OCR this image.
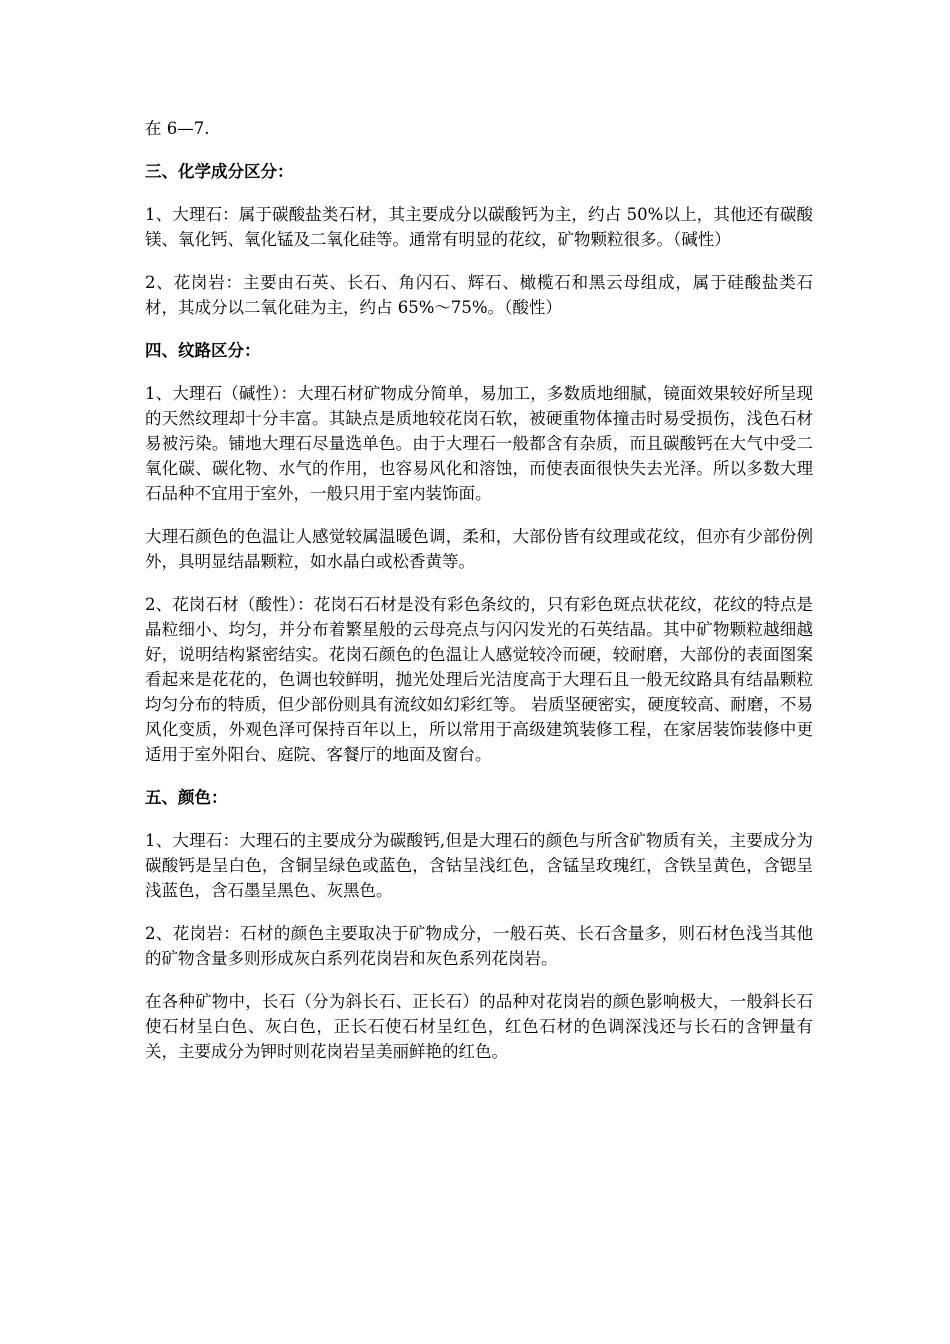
在 6—7.

三、化学成分区分：

1、大理石：属于碳酸盐类石材，其主要成分以碳酸钙为主，约占 50%以上，其他还有碳酸镁、氧化钙、氧化锰及二氧化硅等。通常有明显的花纹，矿物颗粒很多。（碱性）

2、花岗岩：主要由石英、长石、角闪石、辉石、橄榄石和黑云母组成，属于硅酸盐类石材，其成分以二氧化硅为主，约占 65%～75%。（酸性）

四、纹路区分：

1、大理石（碱性）：大理石材矿物成分简单，易加工，多数质地细腻，镜面效果较好所呈现的天然纹理却十分丰富。其缺点是质地较花岗石软，被硬重物体撞击时易受损伤，浅色石材易被污染。铺地大理石尽量选单色。由于大理石一般都含有杂质，而且碳酸钙在大气中受二氧化碳、碳化物、水气的作用，也容易风化和溶蚀，而使表面很快失去光泽。所以多数大理石品种不宜用于室外，一般只用于室内装饰面。

大理石颜色的色温让人感觉较属温暖色调，柔和，大部份皆有纹理或花纹，但亦有少部份例外，具明显结晶颗粒，如水晶白或松香黄等。

2、花岗石材（酸性）：花岗石石材是没有彩色条纹的，只有彩色斑点状花纹，花纹的特点是晶粒细小、均匀，并分布着繁星般的云母亮点与闪闪发光的石英结晶。其中矿物颗粒越细越好，说明结构紧密结实。花岗石颜色的色温让人感觉较冷而硬，较耐磨，大部份的表面图案看起来是花花的，色调也较鲜明，抛光处理后光洁度高于大理石且一般无纹路具有结晶颗粒均匀分布的特质，但少部份则具有流纹如幻彩红等。 岩质坚硬密实，硬度较高、耐磨，不易风化变质，外观色泽可保持百年以上，所以常用于高级建筑装修工程，在家居装饰装修中更适用于室外阳台、庭院、客餐厅的地面及窗台。

五、颜色：

1、大理石：大理石的主要成分为碳酸钙,但是大理石的颜色与所含矿物质有关，主要成分为碳酸钙是呈白色，含铜呈绿色或蓝色，含钴呈浅红色，含锰呈玫瑰红，含铁呈黄色，含锶呈浅蓝色，含石墨呈黑色、灰黑色。

2、花岗岩：石材的颜色主要取决于矿物成分，一般石英、长石含量多，则石材色浅当其他的矿物含量多则形成灰白系列花岗岩和灰色系列花岗岩。

在各种矿物中，长石（分为斜长石、正长石）的品种对花岗岩的颜色影响极大，一般斜长石使石材呈白色、灰白色，正长石使石材呈红色，红色石材的色调深浅还与长石的含钾量有关，主要成分为钾时则花岗岩呈美丽鲜艳的红色。
